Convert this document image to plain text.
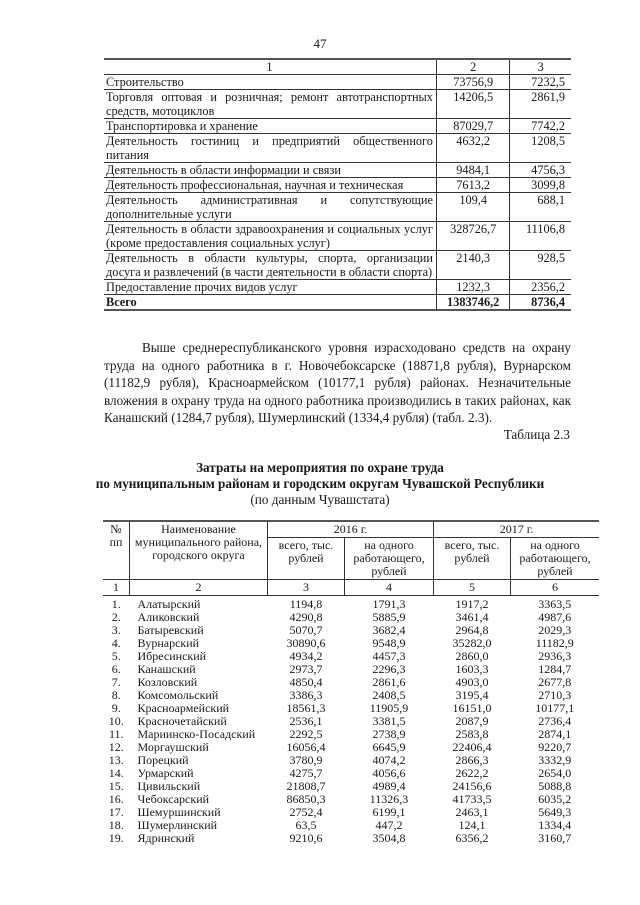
47
1	2	3
Строительство	73756,9	7232,5
Торговля оптовая и розничная; ремонт автотранспортных средств, мотоциклов	14206,5	2861,9
Транспортировка и хранение	87029,7	7742,2
Деятельность гостиниц и предприятий общественного питания	4632,2	1208,5
Деятельность в области информации и связи	9484,1	4756,3
Деятельность профессиональная, научная и техническая	7613,2	3099,8
Деятельность административная и сопутствующие дополнительные услуги	109,4	688,1
Деятельность в области здравоохранения и социальных услуг (кроме предоставления социальных услуг)	328726,7	11106,8
Деятельность в области культуры, спорта, организации досуга и развлечений (в части деятельности в области спорта)	2140,3	928,5
Предоставление прочих видов услуг	1232,3	2356,2
Всего	1383746,2	8736,4

Выше среднереспубликанского уровня израсходовано средств на охрану труда на одного работника в г. Новочебоксарске (18871,8 рубля), Вурнарском (11182,9 рубля), Красноармейском (10177,1 рубля) районах. Незначительные вложения в охрану труда на одного работника производились в таких районах, как Канашский (1284,7 рубля), Шумерлинский (1334,4 рубля) (табл. 2.3).

Таблица 2.3
Затраты на мероприятия по охране труда
по муниципальным районам и городским округам Чувашской Республики
(по данным Чувашстата)
№ пп	Наименование муниципального района, городского округа	2016 г.		2017 г.	
		всего, тыс. рублей	на одного работающего, рублей	всего, тыс. рублей	на одного работающего, рублей
1	2	3	4	5	6
1.	Алатырский	1194,8	1791,3	1917,2	3363,5
2.	Аликовский	4290,8	5885,9	3461,4	4987,6
3.	Батыревский	5070,7	3682,4	2964,8	2029,3
4.	Вурнарский	30890,6	9548,9	35282,0	11182,9
5.	Ибресинский	4934,2	4457,3	2860,0	2936,3
6.	Канашский	2973,7	2296,3	1603,3	1284,7
7.	Козловский	4850,4	2861,6	4903,0	2677,8
8.	Комсомольский	3386,3	2408,5	3195,4	2710,3
9.	Красноармейский	18561,3	11905,9	16151,0	10177,1
10.	Красночетайский	2536,1	3381,5	2087,9	2736,4
11.	Мариинско-Посадский	2292,5	2738,9	2583,8	2874,1
12.	Моргаушский	16056,4	6645,9	22406,4	9220,7
13.	Порецкий	3780,9	4074,2	2866,3	3332,9
14.	Урмарский	4275,7	4056,6	2622,2	2654,0
15.	Цивильский	21808,7	4989,4	24156,6	5088,8
16.	Чебоксарский	86850,3	11326,3	41733,5	6035,2
17.	Шемуршинский	2752,4	6199,1	2463,1	5649,3
18.	Шумерлинский	63,5	447,2	124,1	1334,4
19.	Ядринский	9210,6	3504,8	6356,2	3160,7
